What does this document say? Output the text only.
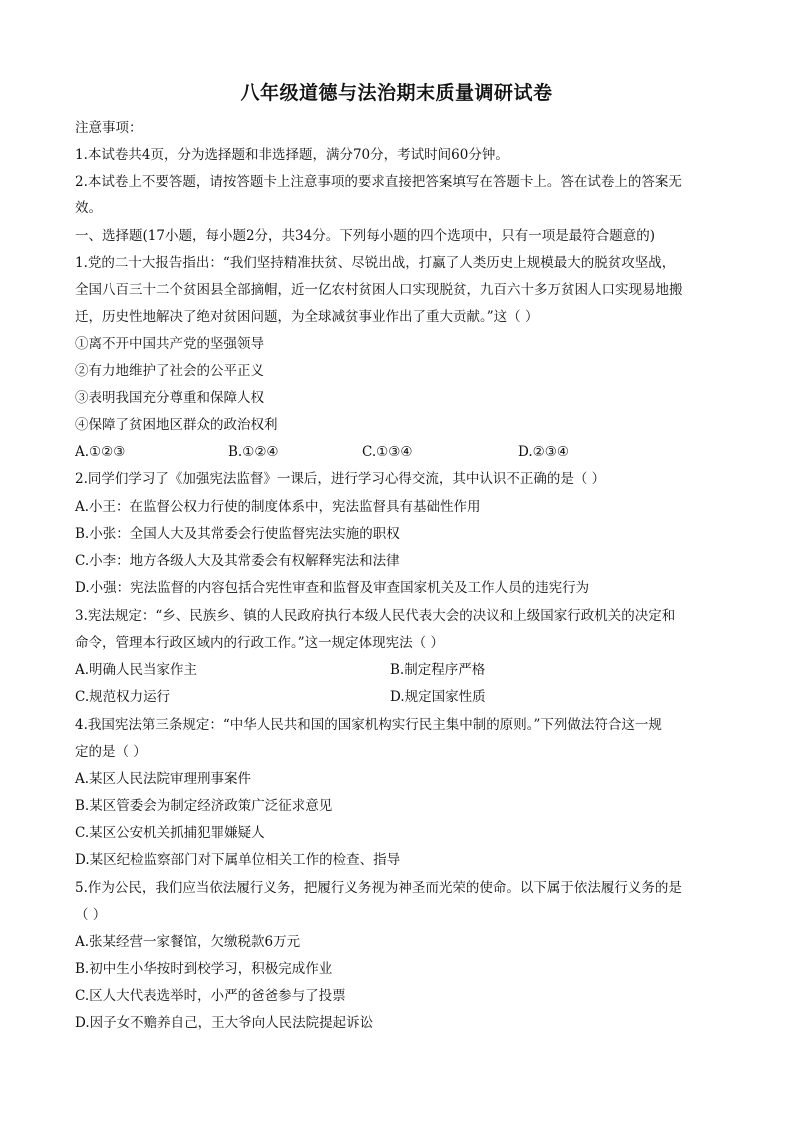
八年级道德与法治期末质量调研试卷
注意事项：
1.本试卷共4页，分为选择题和非选择题，满分70分，考试时间60分钟。
2.本试卷上不要答题，请按答题卡上注意事项的要求直接把答案填写在答题卡上。答在试卷上的答案无
效。
一、选择题(17小题，每小题2分，共34分。下列每小题的四个选项中，只有一项是最符合题意的)
1.党的二十大报告指出：“我们坚持精准扶贫、尽锐出战，打赢了人类历史上规模最大的脱贫攻坚战，
全国八百三十二个贫困县全部摘帽，近一亿农村贫困人口实现脱贫，九百六十多万贫困人口实现易地搬
迁，历史性地解决了绝对贫困问题，为全球减贫事业作出了重大贡献。”这（ ）
①离不开中国共产党的坚强领导
②有力地维护了社会的公平正义
③表明我国充分尊重和保障人权
④保障了贫困地区群众的政治权利
A.①②③	B.①②④	C.①③④	D.②③④
2.同学们学习了《加强宪法监督》一课后，进行学习心得交流，其中认识不正确的是（ ）
A.小王：在监督公权力行使的制度体系中，宪法监督具有基础性作用
B.小张：全国人大及其常委会行使监督宪法实施的职权
C.小李：地方各级人大及其常委会有权解释宪法和法律
D.小强：宪法监督的内容包括合宪性审查和监督及审查国家机关及工作人员的违宪行为
3.宪法规定：“乡、民族乡、镇的人民政府执行本级人民代表大会的决议和上级国家行政机关的决定和
命令，管理本行政区域内的行政工作。”这一规定体现宪法（ ）
A.明确人民当家作主	B.制定程序严格
C.规范权力运行	D.规定国家性质
4.我国宪法第三条规定：“中华人民共和国的国家机构实行民主集中制的原则。”下列做法符合这一规
定的是（ ）
A.某区人民法院审理刑事案件
B.某区管委会为制定经济政策广泛征求意见
C.某区公安机关抓捕犯罪嫌疑人
D.某区纪检监察部门对下属单位相关工作的检查、指导
5.作为公民，我们应当依法履行义务，把履行义务视为神圣而光荣的使命。以下属于依法履行义务的是
（ ）
A.张某经营一家餐馆，欠缴税款6万元
B.初中生小华按时到校学习，积极完成作业
C.区人大代表选举时，小严的爸爸参与了投票
D.因子女不赡养自己，王大爷向人民法院提起诉讼
